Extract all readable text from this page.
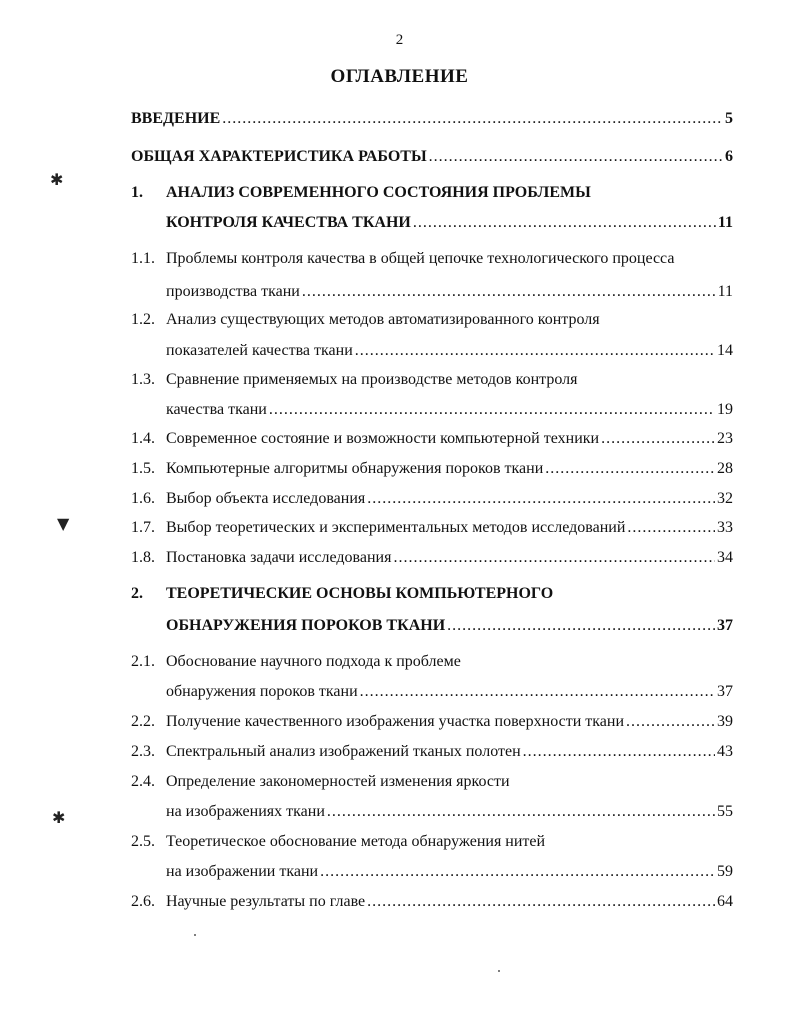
2
ОГЛАВЛЕНИЕ
ВВЕДЕНИЕ .....	5
ОБЩАЯ ХАРАКТЕРИСТИКА РАБОТЫ .....	6
1.	АНАЛИЗ СОВРЕМЕННОГО СОСТОЯНИЯ ПРОБЛЕМЫ
КОНТРОЛЯ КАЧЕСТВА ТКАНИ .....	11
1.1. Проблемы контроля качества в общей цепочке технологического процесса
производства ткани .....	11
1.2. Анализ существующих методов автоматизированного контроля
показателей качества ткани .....	14
1.3. Сравнение применяемых на производстве методов контроля
качества ткани .....	19
1.4. Современное состояние и возможности компьютерной техники .....	23
1.5. Компьютерные алгоритмы обнаружения пороков ткани .....	28
1.6. Выбор объекта исследования .....	32
1.7. Выбор теоретических и экспериментальных методов исследований .....	33
1.8. Постановка задачи исследования .....	34
2.	ТЕОРЕТИЧЕСКИЕ ОСНОВЫ КОМПЬЮТЕРНОГО
ОБНАРУЖЕНИЯ ПОРОКОВ ТКАНИ .....	37
2.1. Обоснование научного подхода к проблеме
обнаружения пороков ткани .....	37
2.2. Получение качественного изображения участка поверхности ткани .....	39
2.3. Спектральный анализ изображений тканых полотен .....	43
2.4. Определение закономерностей изменения яркости
на изображениях ткани .....	55
2.5. Теоретическое обоснование метода обнаружения нитей
на изображении ткани .....	59
2.6. Научные результаты по главе .....	64
✱
▼
✱
